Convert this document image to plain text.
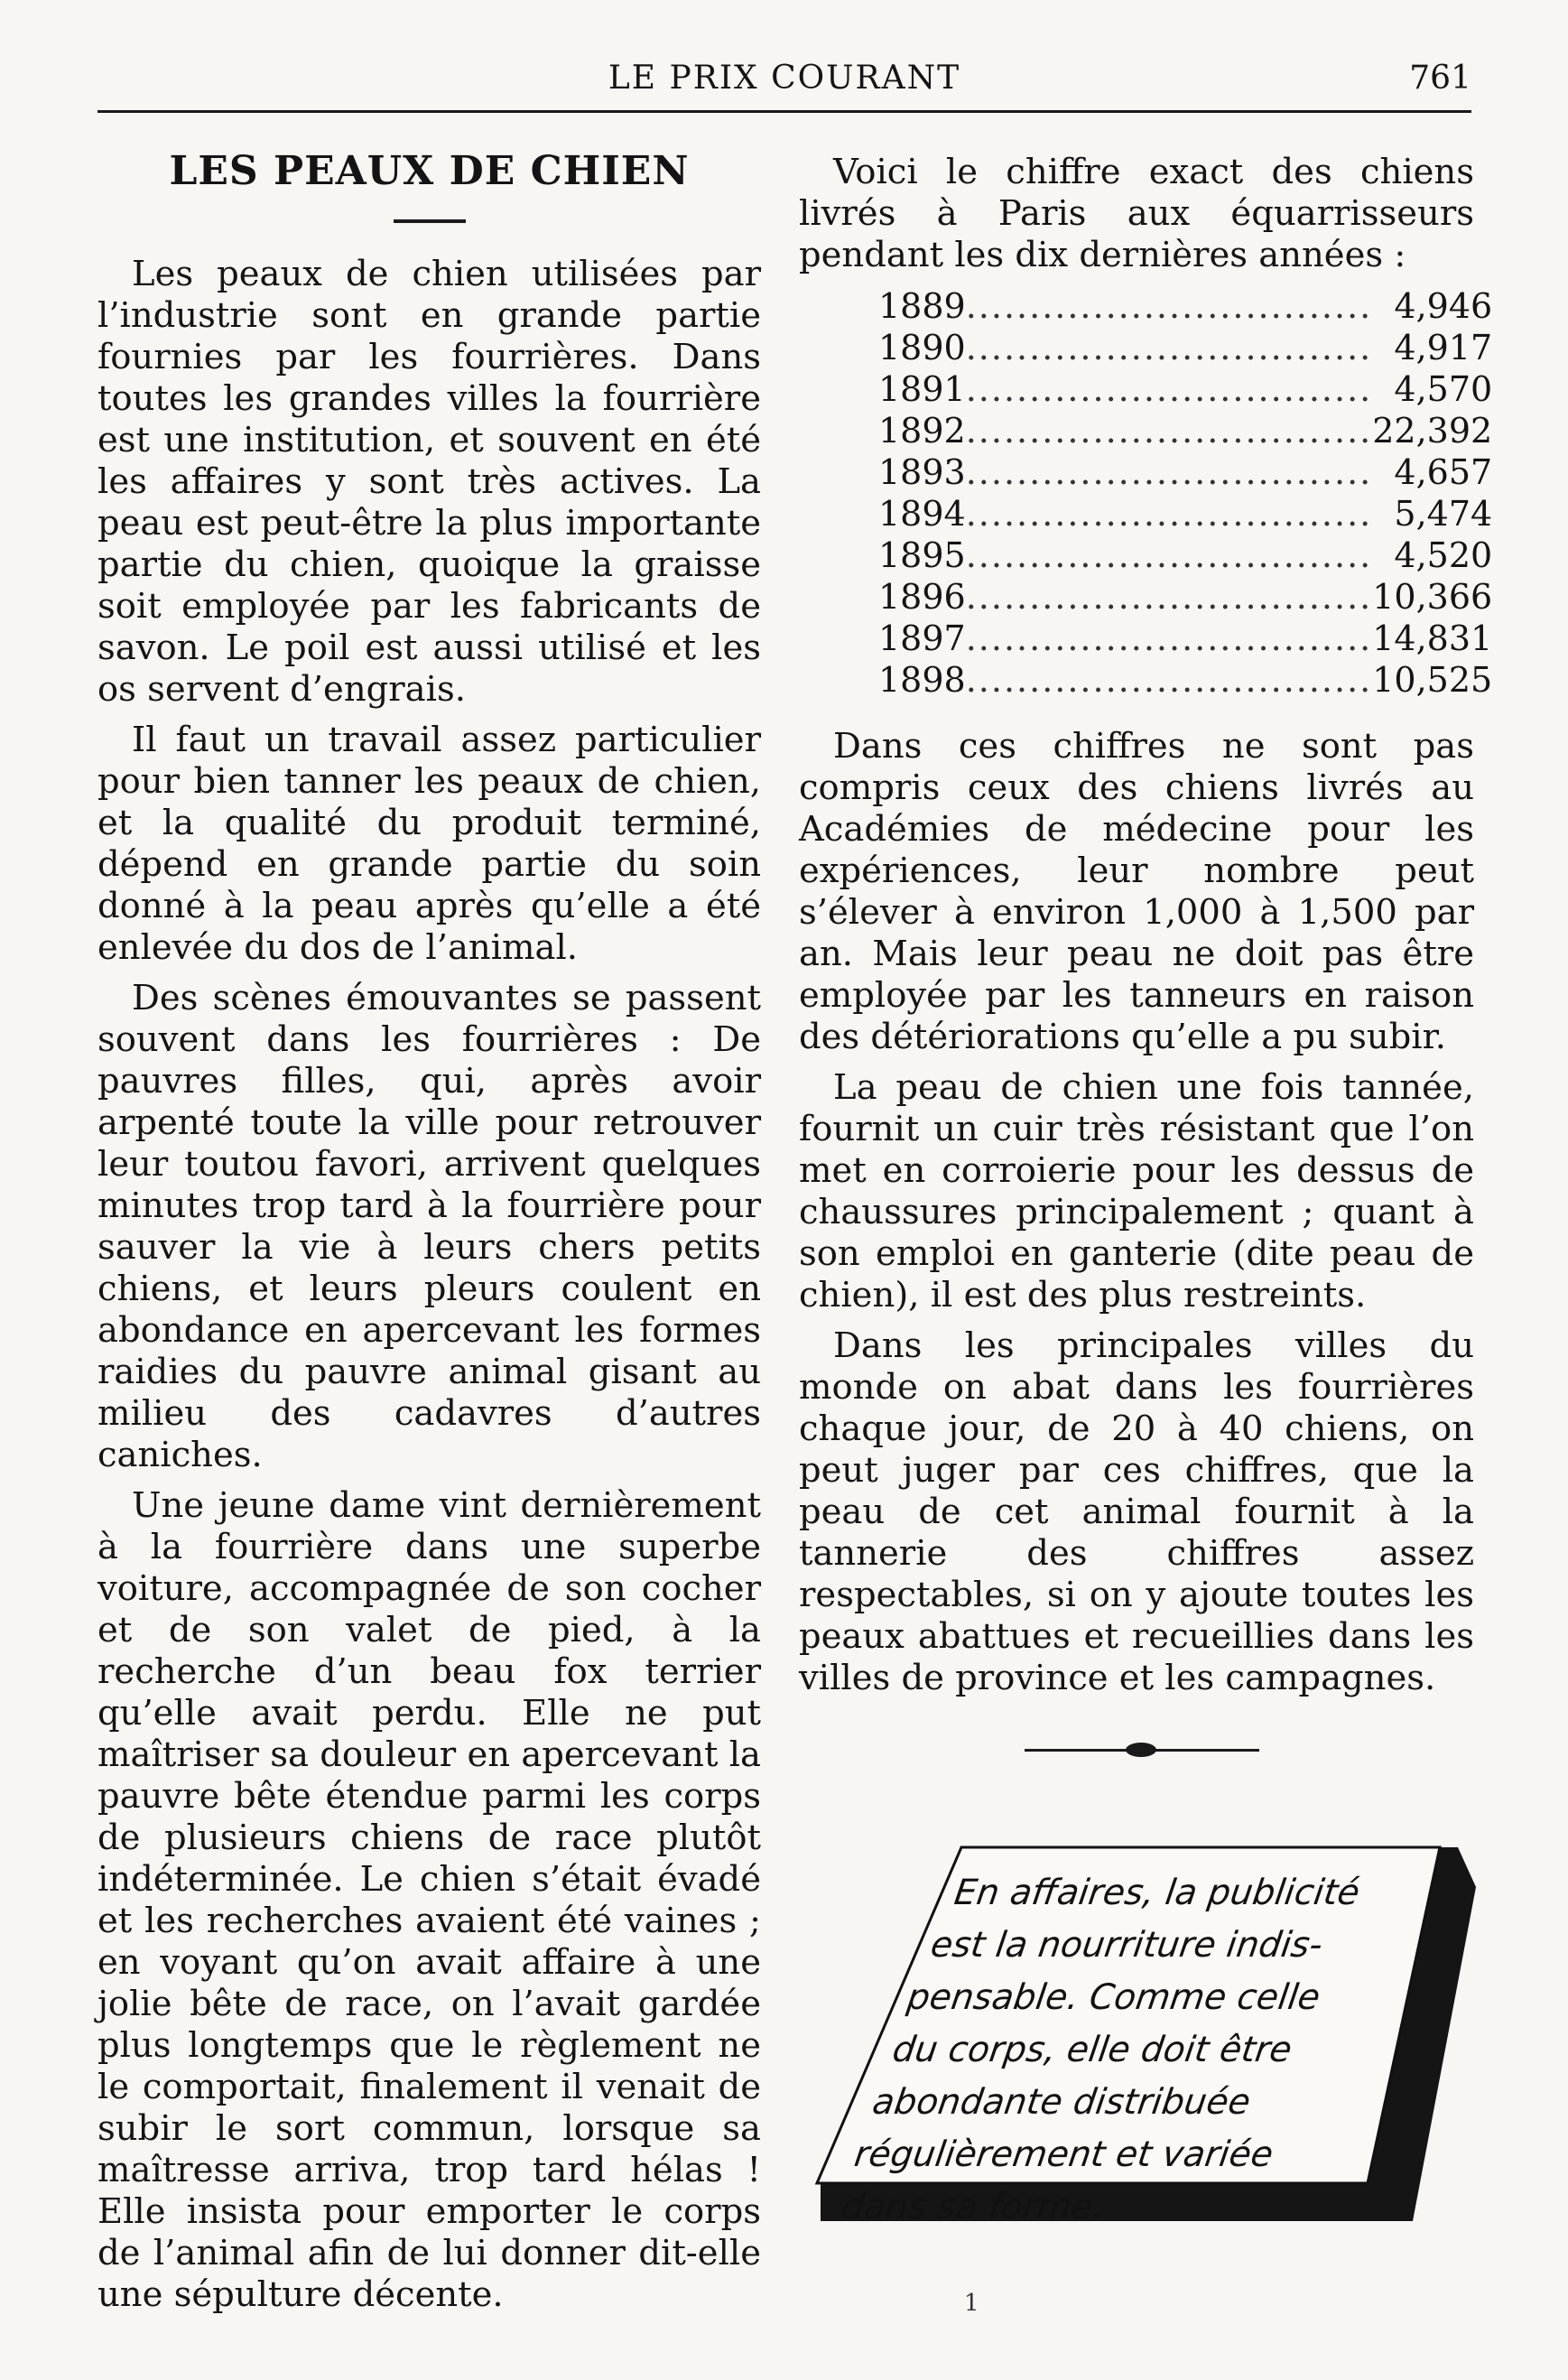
LE PRIX COURANT	761
LES PEAUX DE CHIEN

Les peaux de chien utilisées par l’industrie sont en grande partie fournies par les fourrières. Dans toutes les grandes villes la fourrière est une institution, et souvent en été les affaires y sont très actives. La peau est peut-être la plus importante partie du chien, quoique la graisse soit employée par les fabricants de savon. Le poil est aussi utilisé et les os servent d’engrais.

Il faut un travail assez particulier pour bien tanner les peaux de chien, et la qualité du produit terminé, dépend en grande partie du soin donné à la peau après qu’elle a été enlevée du dos de l’animal.

Des scènes émouvantes se passent souvent dans les fourrières : De pauvres filles, qui, après avoir arpenté toute la ville pour retrouver leur toutou favori, arrivent quelques minutes trop tard à la fourrière pour sauver la vie à leurs chers petits chiens, et leurs pleurs coulent en abondance en apercevant les formes raidies du pauvre animal gisant au milieu des cadavres d’autres caniches.

Une jeune dame vint dernièrement à la fourrière dans une superbe voiture, accompagnée de son cocher et de son valet de pied, à la recherche d’un beau fox terrier qu’elle avait perdu. Elle ne put maîtriser sa douleur en apercevant la pauvre bête étendue parmi les corps de plusieurs chiens de race plutôt indéterminée. Le chien s’était évadé et les recherches avaient été vaines ; en voyant qu’on avait affaire à une jolie bête de race, on l’avait gardée plus longtemps que le règlement ne le comportait, finalement il venait de subir le sort commun, lorsque sa maîtresse arriva, trop tard hélas ! Elle insista pour emporter le corps de l’animal afin de lui donner dit-elle une sépulture décente.

Voici le chiffre exact des chiens livrés à Paris aux équarrisseurs pendant les dix dernières années :

1889	................................	4,946
1890	................................	4,917
1891	................................	4,570
1892	................................	22,392
1893	................................	4,657
1894	................................	5,474
1895	................................	4,520
1896	................................	10,366
1897	................................	14,831
1898	................................	10,525

Dans ces chiffres ne sont pas compris ceux des chiens livrés au Académies de médecine pour les expériences, leur nombre peut s’élever à environ 1,000 à 1,500 par an. Mais leur peau ne doit pas être employée par les tanneurs en raison des détériorations qu’elle a pu subir.

La peau de chien une fois tannée, fournit un cuir très résistant que l’on met en corroierie pour les dessus de chaussures principalement ; quant à son emploi en ganterie (dite peau de chien), il est des plus restreints.

Dans les principales villes du monde on abat dans les fourrières chaque jour, de 20 à 40 chiens, on peut juger par ces chiffres, que la peau de cet animal fournit à la tannerie des chiffres assez respectables, si on y ajoute toutes les peaux abattues et recueillies dans les villes de province et les campagnes.

En affaires, la publicité
est la nourriture indis-
pensable. Comme celle
du corps, elle doit être
abondante distribuée
régulièrement et variée
dans sa forme.
1
